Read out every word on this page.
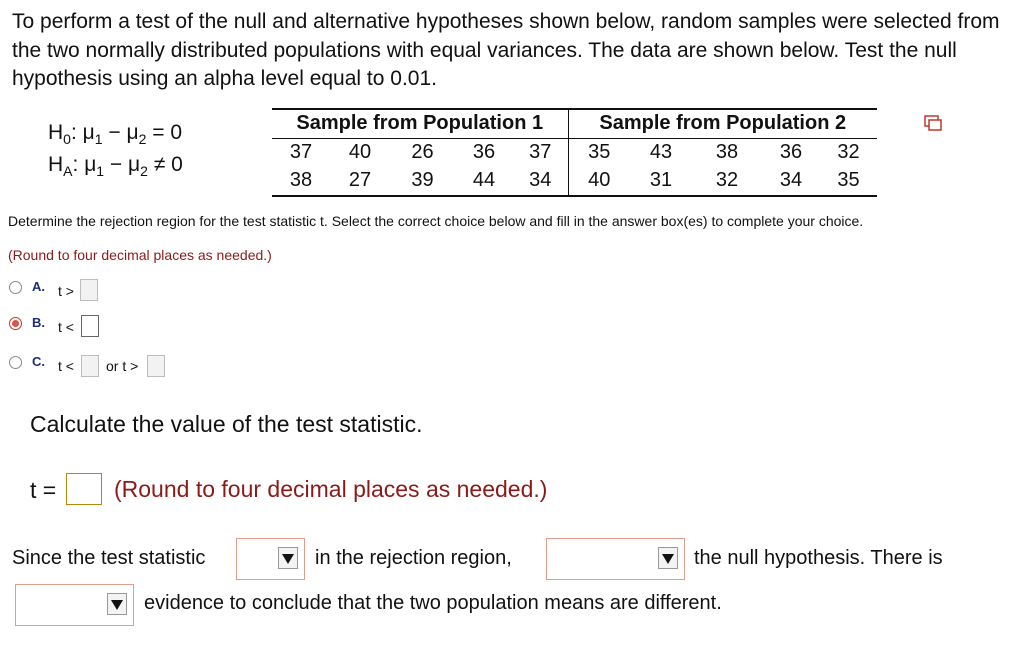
To perform a test of the null and alternative hypotheses shown below, random samples were selected from the two normally distributed populations with equal variances. The data are shown below. Test the null hypothesis using an alpha level equal to 0.01.
$H_0$: $\mu_1 - \mu_2 = 0$
$H_A$: $\mu_1 - \mu_2 \ne 0$
Sample from Population 1					Sample from Population 2				
37	40	26	36	37	35	43	38	36	32
38	27	39	44	34	40	31	32	34	35
Determine the rejection region for the test statistic t. Select the correct choice below and fill in the answer box(es) to complete your choice.
(Round to four decimal places as needed.)
A. t >
B. t <
C. t < or t >
Calculate the value of the test statistic.
t =	(Round to four decimal places as needed.)
Since the test statistic	in the rejection region,	the null hypothesis. There is
evidence to conclude that the two population means are different.
